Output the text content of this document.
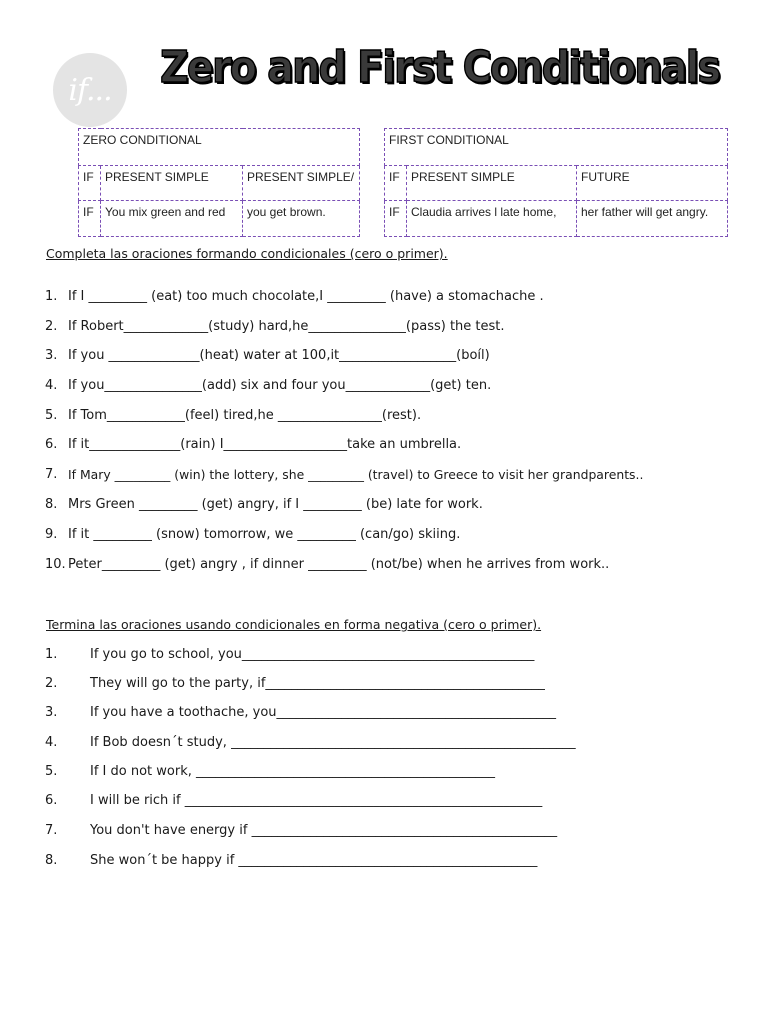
if... Zero and First Conditionals
ZERO CONDITIONAL		
IF	PRESENT SIMPLE	PRESENT SIMPLE/
IF	You mix green and red	you get brown.
FIRST CONDITIONAL		
IF	PRESENT SIMPLE	FUTURE
IF	Claudia arrives l late home,	her father will get angry.
Completa las oraciones formando condicionales (cero o primer).
1. If I _________ (eat) too much chocolate,I _________ (have) a stomachache .
2. If Robert_____________(study) hard,he_______________(pass) the test.
3. If you ______________(heat) water at 100,it__________________(boíl)
4. If you_______________(add) six and four you_____________(get) ten.
5. If Tom____________(feel) tired,he ________________(rest).
6. If it______________(rain) I___________________take an umbrella.
7. If Mary _________ (win) the lottery, she _________ (travel) to Greece to visit her grandparents..
8. Mrs Green _________ (get) angry, if I _________ (be) late for work.
9. If it _________ (snow) tomorrow, we _________ (can/go) skiing.
10. Peter_________ (get) angry , if dinner _________ (not/be) when he arrives from work..
Termina las oraciones usando condicionales en forma negativa (cero o primer).
1.	If you go to school, you_____________________________________________
2.	They will go to the party, if___________________________________________
3.	If you have a toothache, you___________________________________________
4.	If Bob doesn´t study, _____________________________________________________
5.	If I do not work, ______________________________________________
6.	I will be rich if _______________________________________________________
7.	You don't have energy if _______________________________________________
8.	She won´t be happy if ______________________________________________
